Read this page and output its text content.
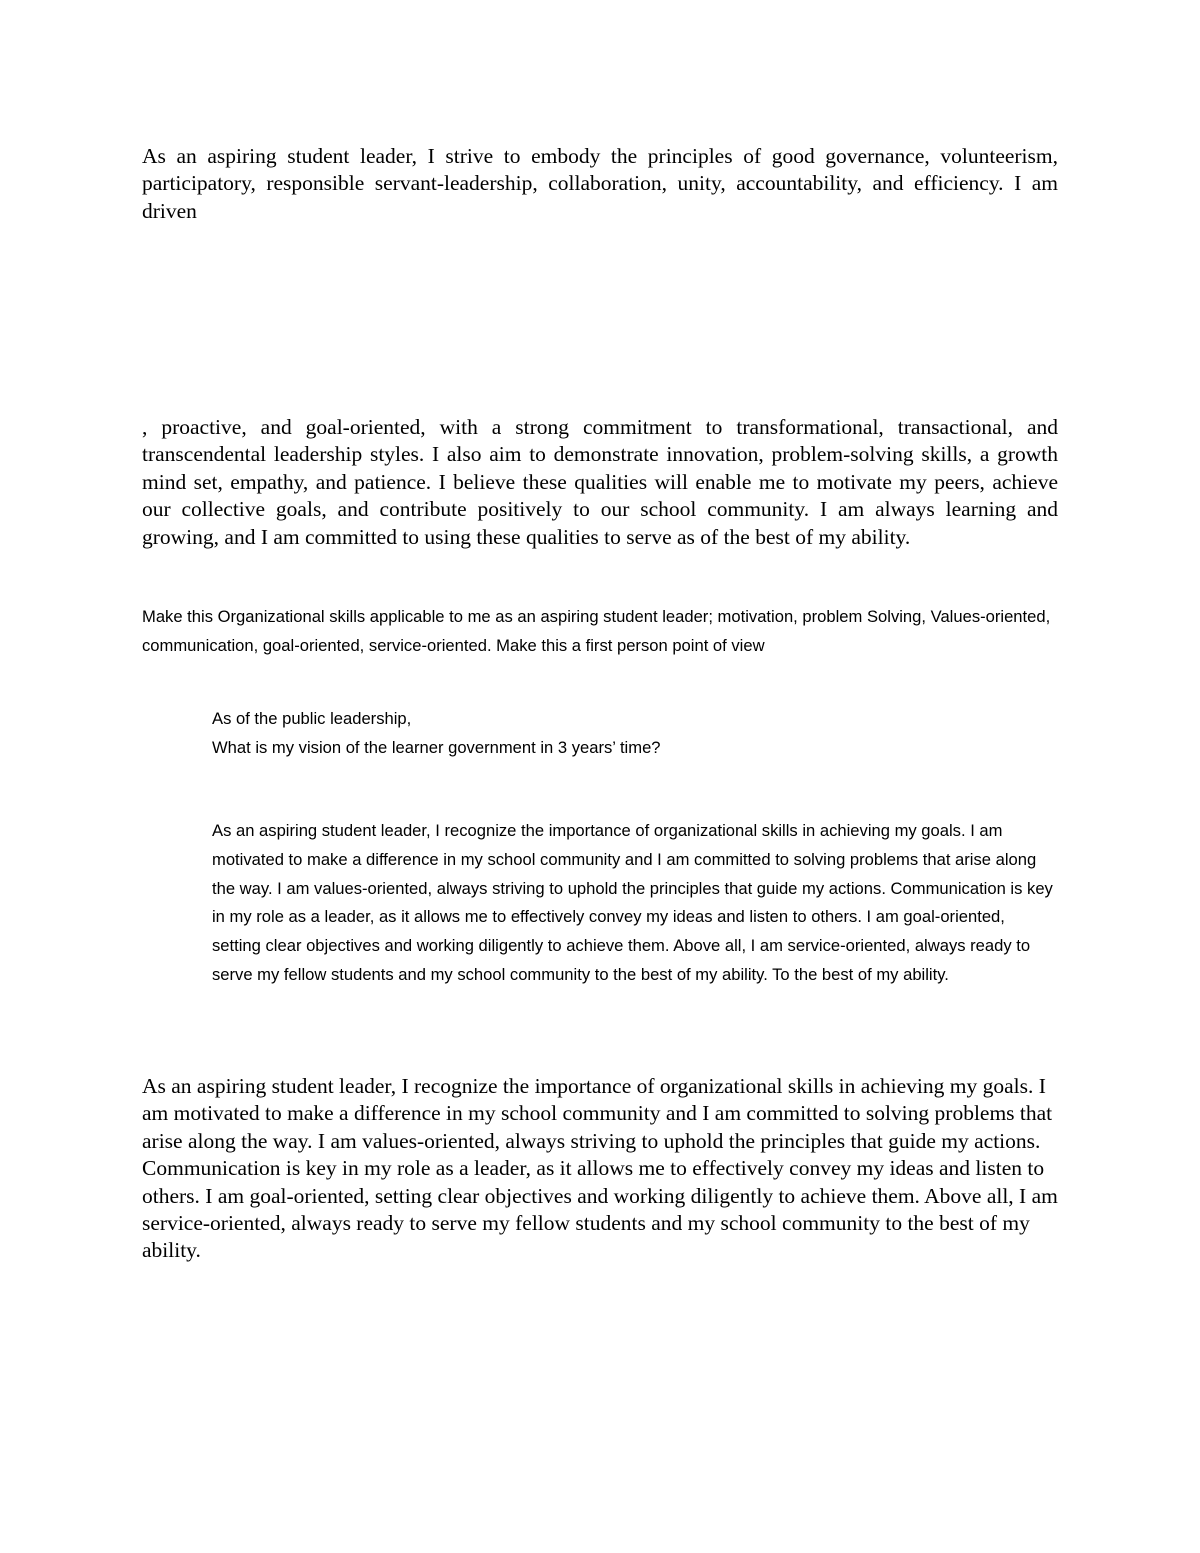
As an aspiring student leader, I strive to embody the principles of good governance, volunteerism, participatory, responsible servant-leadership, collaboration, unity, accountability, and efficiency. I am driven

, proactive, and goal-oriented, with a strong commitment to transformational, transactional, and transcendental leadership styles. I also aim to demonstrate innovation, problem-solving skills, a growth mind set, empathy, and patience. I believe these qualities will enable me to motivate my peers, achieve our collective goals, and contribute positively to our school community. I am always learning and growing, and I am committed to using these qualities to serve as of the best of my ability.

Make this Organizational skills applicable to me as an aspiring student leader; motivation, problem Solving, Values-oriented, communication, goal-oriented, service-oriented. Make this a first person point of view

As of the public leadership,
What is my vision of the learner government in 3 years’ time?

As an aspiring student leader, I recognize the importance of organizational skills in achieving my goals. I am motivated to make a difference in my school community and I am committed to solving problems that arise along the way. I am values-oriented, always striving to uphold the principles that guide my actions. Communication is key in my role as a leader, as it allows me to effectively convey my ideas and listen to others. I am goal-oriented, setting clear objectives and working diligently to achieve them. Above all, I am service-oriented, always ready to serve my fellow students and my school community to the best of my ability. To the best of my ability.

As an aspiring student leader, I recognize the importance of organizational skills in achieving my goals. I am motivated to make a difference in my school community and I am committed to solving problems that arise along the way. I am values-oriented, always striving to uphold the principles that guide my actions. Communication is key in my role as a leader, as it allows me to effectively convey my ideas and listen to others. I am goal-oriented, setting clear objectives and working diligently to achieve them. Above all, I am service-oriented, always ready to serve my fellow students and my school community to the best of my ability.
